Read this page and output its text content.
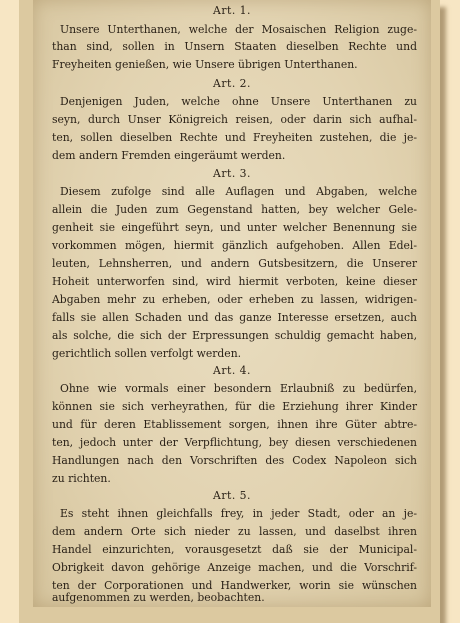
Art. 1.
Unsere Unterthanen, welche der Mosaischen Religion zuge-
than sind, sollen in Unsern Staaten dieselben Rechte und
Freyheiten genießen, wie Unsere übrigen Unterthanen.
Art. 2.
Denjenigen Juden, welche ohne Unsere Unterthanen zu
seyn, durch Unser Königreich reisen, oder darin sich aufhal-
ten, sollen dieselben Rechte und Freyheiten zustehen, die je-
dem andern Fremden eingeräumt werden.
Art. 3.
Diesem zufolge sind alle Auflagen und Abgaben, welche
allein die Juden zum Gegenstand hatten, bey welcher Gele-
genheit sie eingeführt seyn, und unter welcher Benennung sie
vorkommen mögen, hiermit gänzlich aufgehoben. Allen Edel-
leuten, Lehnsherren, und andern Gutsbesitzern, die Unserer
Hoheit unterworfen sind, wird hiermit verboten, keine dieser
Abgaben mehr zu erheben, oder erheben zu lassen, widrigen-
falls sie allen Schaden und das ganze Interesse ersetzen, auch
als solche, die sich der Erpressungen schuldig gemacht haben,
gerichtlich sollen verfolgt werden.
Art. 4.
Ohne wie vormals einer besondern Erlaubniß zu bedürfen,
können sie sich verheyrathen, für die Erziehung ihrer Kinder
und für deren Etablissement sorgen, ihnen ihre Güter abtre-
ten, jedoch unter der Verpflichtung, bey diesen verschiedenen
Handlungen nach den Vorschriften des Codex Napoleon sich
zu richten.
Art. 5.
Es steht ihnen gleichfalls frey, in jeder Stadt, oder an je-
dem andern Orte sich nieder zu lassen, und daselbst ihren
Handel einzurichten, vorausgesetzt daß sie der Municipal-
Obrigkeit davon gehörige Anzeige machen, und die Vorschrif-
ten der Corporationen und Handwerker, worin sie wünschen
aufgenommen zu werden, beobachten.
